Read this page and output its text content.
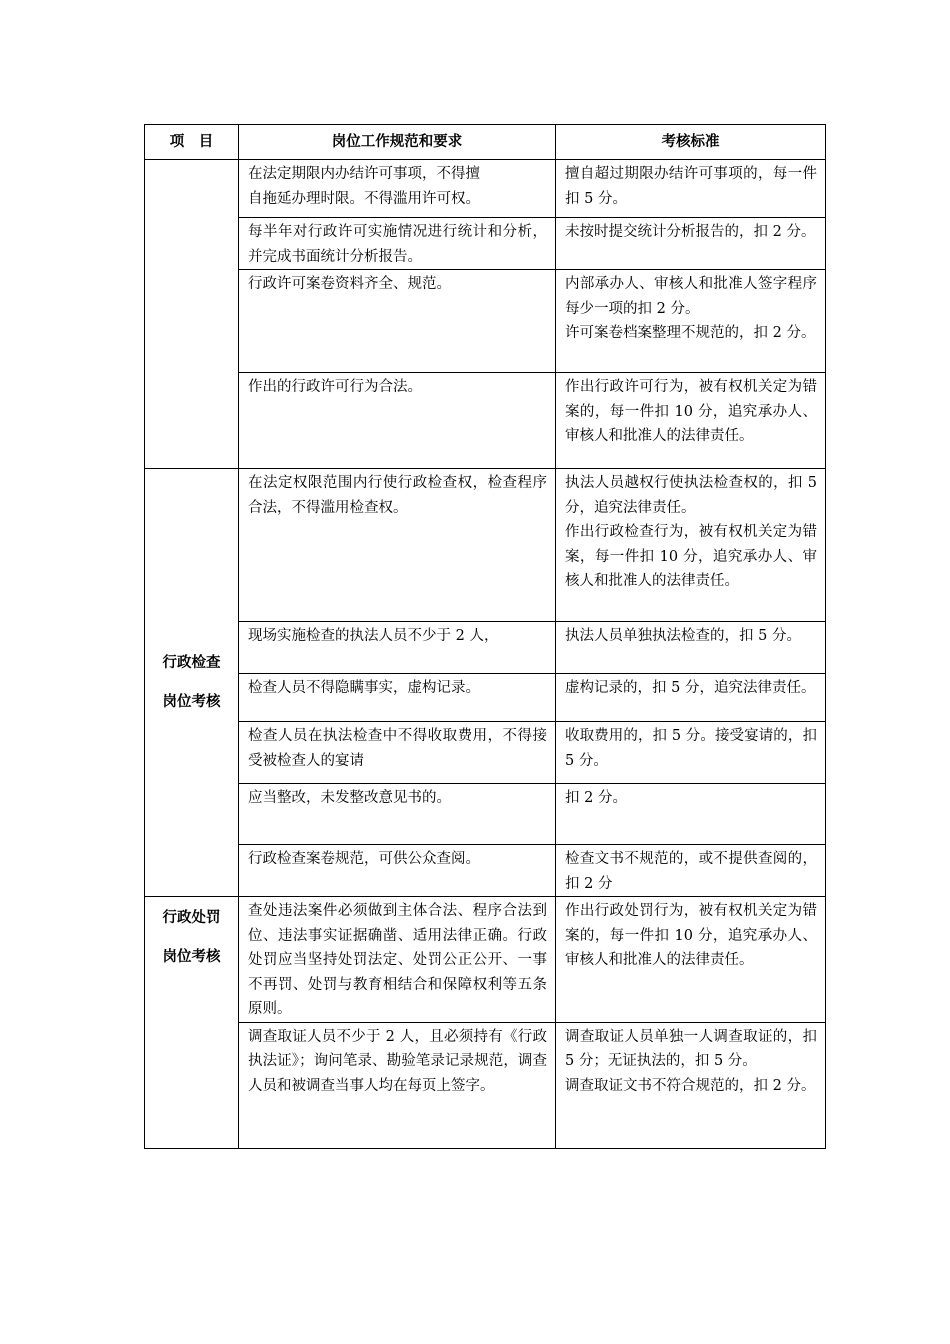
项　目	岗位工作规范和要求	考核标准

	在法定期限内办结许可事项，不得擅
自拖延办理时限。不得滥用许可权。	擅自超过期限办结许可事项的，每一件扣 5 分。

	每半年对行政许可实施情况进行统计和分析，并完成书面统计分析报告。	未按时提交统计分析报告的，扣 2 分。

	行政许可案卷资料齐全、规范。	内部承办人、审核人和批准人签字程序每少一项的扣 2 分。
许可案卷档案整理不规范的，扣 2 分。

	作出的行政许可行为合法。	作出行政许可行为，被有权机关定为错案的，每一件扣 10 分，追究承办人、审核人和批准人的法律责任。

行政检查
岗位考核	在法定权限范围内行使行政检查权，检查程序合法，不得滥用检查权。	执法人员越权行使执法检查权的，扣 5 分，追究法律责任。
作出行政检查行为，被有权机关定为错案，每一件扣 10 分，追究承办人、审核人和批准人的法律责任。

	现场实施检查的执法人员不少于 2 人，	执法人员单独执法检查的，扣 5 分。

	检查人员不得隐瞒事实，虚构记录。	虚构记录的，扣 5 分，追究法律责任。

	检查人员在执法检查中不得收取费用，不得接受被检查人的宴请	收取费用的，扣 5 分。接受宴请的，扣 5 分。

	应当整改，未发整改意见书的。	扣 2 分。

	行政检查案卷规范，可供公众查阅。	检查文书不规范的，或不提供查阅的，扣 2 分

行政处罚
岗位考核	查处违法案件必须做到主体合法、程序合法到位、违法事实证据确凿、适用法律正确。行政处罚应当坚持处罚法定、处罚公正公开、一事不再罚、处罚与教育相结合和保障权利等五条原则。	作出行政处罚行为，被有权机关定为错案的，每一件扣 10 分，追究承办人、审核人和批准人的法律责任。

	调查取证人员不少于 2 人，且必须持有《行政执法证》；询问笔录、勘验笔录记录规范，调查人员和被调查当事人均在每页上签字。	调查取证人员单独一人调查取证的，扣 5 分；无证执法的，扣 5 分。
调查取证文书不符合规范的，扣 2 分。
